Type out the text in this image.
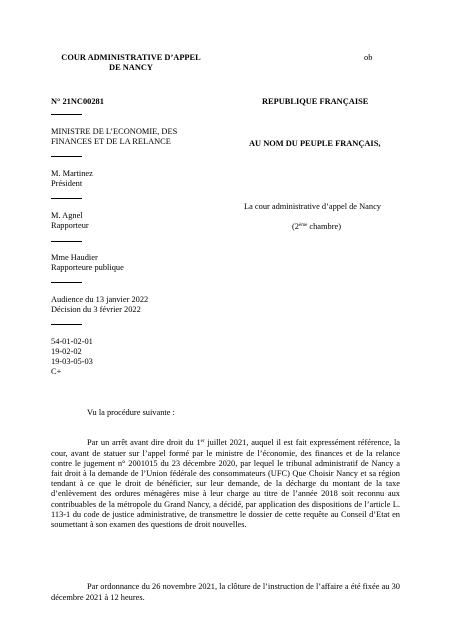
COUR ADMINISTRATIVE D’APPEL
DE NANCY
ob
N° 21NC00281	REPUBLIQUE FRANÇAISE
MINISTRE DE L’ECONOMIE, DES
FINANCES ET DE LA RELANCE	AU NOM DU PEUPLE FRANÇAIS,
M. Martinez
Président
La cour administrative d’appel de Nancy
M. Agnel
Rapporteur	(2ème chambre)
Mme Haudier
Rapporteure publique
Audience du 13 janvier 2022
Décision du 3 février 2022
54-01-02-01
19-02-02
19-03-05-03
C+
Vu la procédure suivante :

Par un arrêt avant dire droit du 1er juillet 2021, auquel il est fait expressément référence, la cour, avant de statuer sur l’appel formé par le ministre de l’économie, des finances et de la relance contre le jugement n° 2001015 du 23 décembre 2020, par lequel le tribunal administratif de Nancy a fait droit à la demande de l’Union fédérale des consommateurs (UFC) Que Choisir Nancy et sa région tendant à ce que le droit de bénéficier, sur leur demande, de la décharge du montant de la taxe d’enlèvement des ordures ménagères mise à leur charge au titre de l’année 2018 soit reconnu aux contribuables de la métropole du Grand Nancy, a décidé, par application des dispositions de l’article L. 113-1 du code de justice administrative, de transmettre le dossier de cette requête au Conseil d’Etat en soumettant à son examen des questions de droit nouvelles.

Par ordonnance du 26 novembre 2021, la clôture de l’instruction de l’affaire a été fixée au 30 décembre 2021 à 12 heures.
